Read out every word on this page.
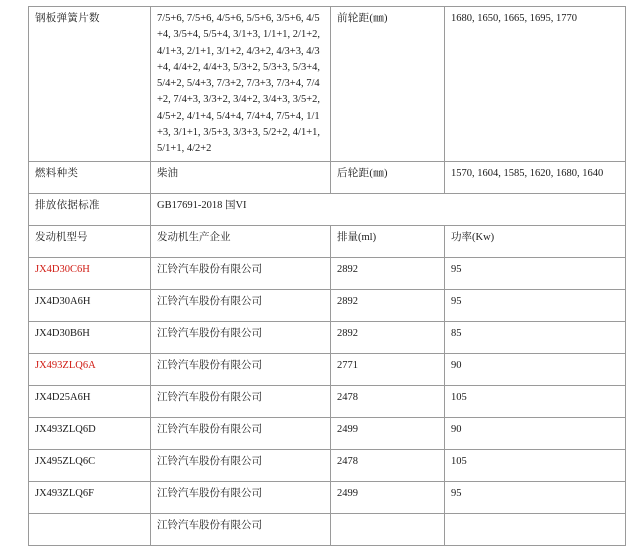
钢板弹簧片数	7/5+6, 7/5+6, 4/5+6, 5/5+6, 3/5+6, 4/5+4, 3/5+4, 5/5+4, 3/1+3, 1/1+1, 2/1+2, 4/1+3, 2/1+1, 3/1+2, 4/3+2, 4/3+3, 4/3+4, 4/4+2, 4/4+3, 5/3+2, 5/3+3, 5/3+4, 5/4+2, 5/4+3, 7/3+2, 7/3+3, 7/3+4, 7/4+2, 7/4+3, 3/3+2, 3/4+2, 3/4+3, 3/5+2, 4/5+2, 4/1+4, 5/4+4, 7/4+4, 7/5+4, 1/1+3, 3/1+1, 3/5+3, 3/3+3, 5/2+2, 4/1+1, 5/1+1, 4/2+2	前轮距(㎜)	1680, 1650, 1665, 1695, 1770
燃料种类	柴油	后轮距(㎜)	1570, 1604, 1585, 1620, 1680, 1640
排放依据标准	GB17691-2018 国VI		
发动机型号	发动机生产企业	排量(ml)	功率(Kw)
JX4D30C6H	江铃汽车股份有限公司	2892	95
JX4D30A6H	江铃汽车股份有限公司	2892	95
JX4D30B6H	江铃汽车股份有限公司	2892	85
JX493ZLQ6A	江铃汽车股份有限公司	2771	90
JX4D25A6H	江铃汽车股份有限公司	2478	105
JX493ZLQ6D	江铃汽车股份有限公司	2499	90
JX495ZLQ6C	江铃汽车股份有限公司	2478	105
JX493ZLQ6F	江铃汽车股份有限公司	2499	95
	江铃汽车股份有限公司		
